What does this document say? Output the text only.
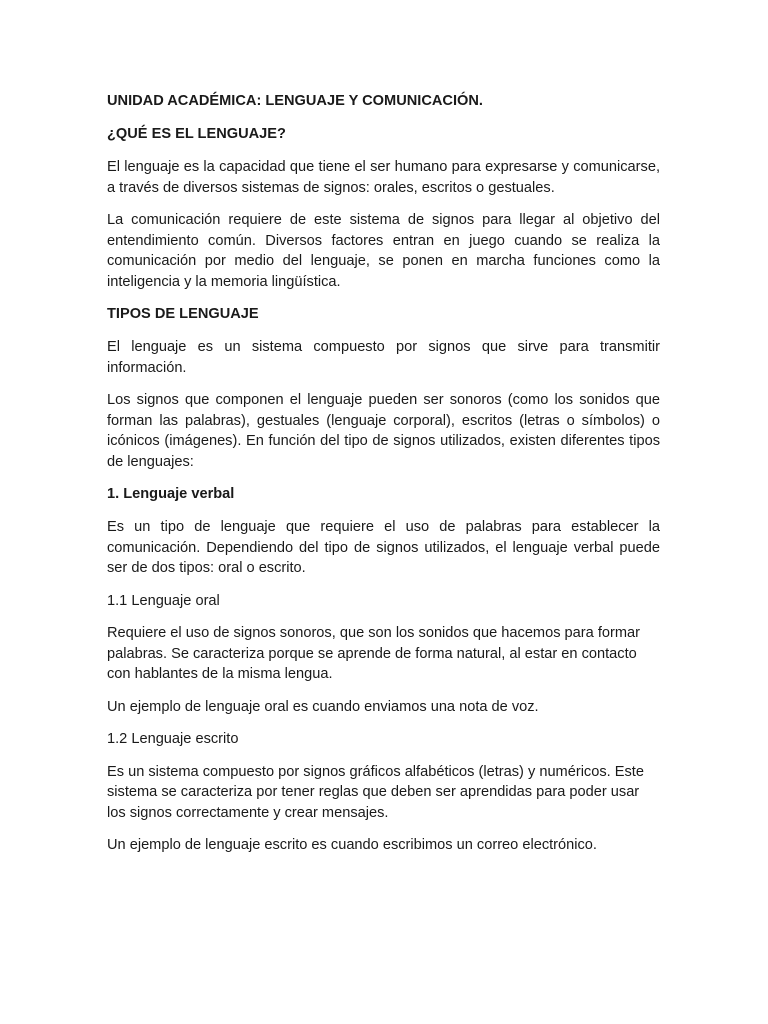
UNIDAD ACADÉMICA: LENGUAJE Y COMUNICACIÓN.
¿QUÉ ES EL LENGUAJE?
El lenguaje es la capacidad que tiene el ser humano para expresarse y comunicarse, a través de diversos sistemas de signos: orales, escritos o gestuales.
La comunicación requiere de este sistema de signos para llegar al objetivo del entendimiento común. Diversos factores entran en juego cuando se realiza la comunicación por medio del lenguaje, se ponen en marcha funciones como la inteligencia y la memoria lingüística.
TIPOS DE LENGUAJE
El lenguaje es un sistema compuesto por signos que sirve para transmitir información.
Los signos que componen el lenguaje pueden ser sonoros (como los sonidos que forman las palabras), gestuales (lenguaje corporal), escritos (letras o símbolos) o icónicos (imágenes). En función del tipo de signos utilizados, existen diferentes tipos de lenguajes:
1. Lenguaje verbal
Es un tipo de lenguaje que requiere el uso de palabras para establecer la comunicación. Dependiendo del tipo de signos utilizados, el lenguaje verbal puede ser de dos tipos: oral o escrito.
1.1 Lenguaje oral
Requiere el uso de signos sonoros, que son los sonidos que hacemos para formar palabras. Se caracteriza porque se aprende de forma natural, al estar en contacto con hablantes de la misma lengua.
Un ejemplo de lenguaje oral es cuando enviamos una nota de voz.
1.2 Lenguaje escrito
Es un sistema compuesto por signos gráficos alfabéticos (letras) y numéricos. Este sistema se caracteriza por tener reglas que deben ser aprendidas para poder usar los signos correctamente y crear mensajes.
Un ejemplo de lenguaje escrito es cuando escribimos un correo electrónico.
